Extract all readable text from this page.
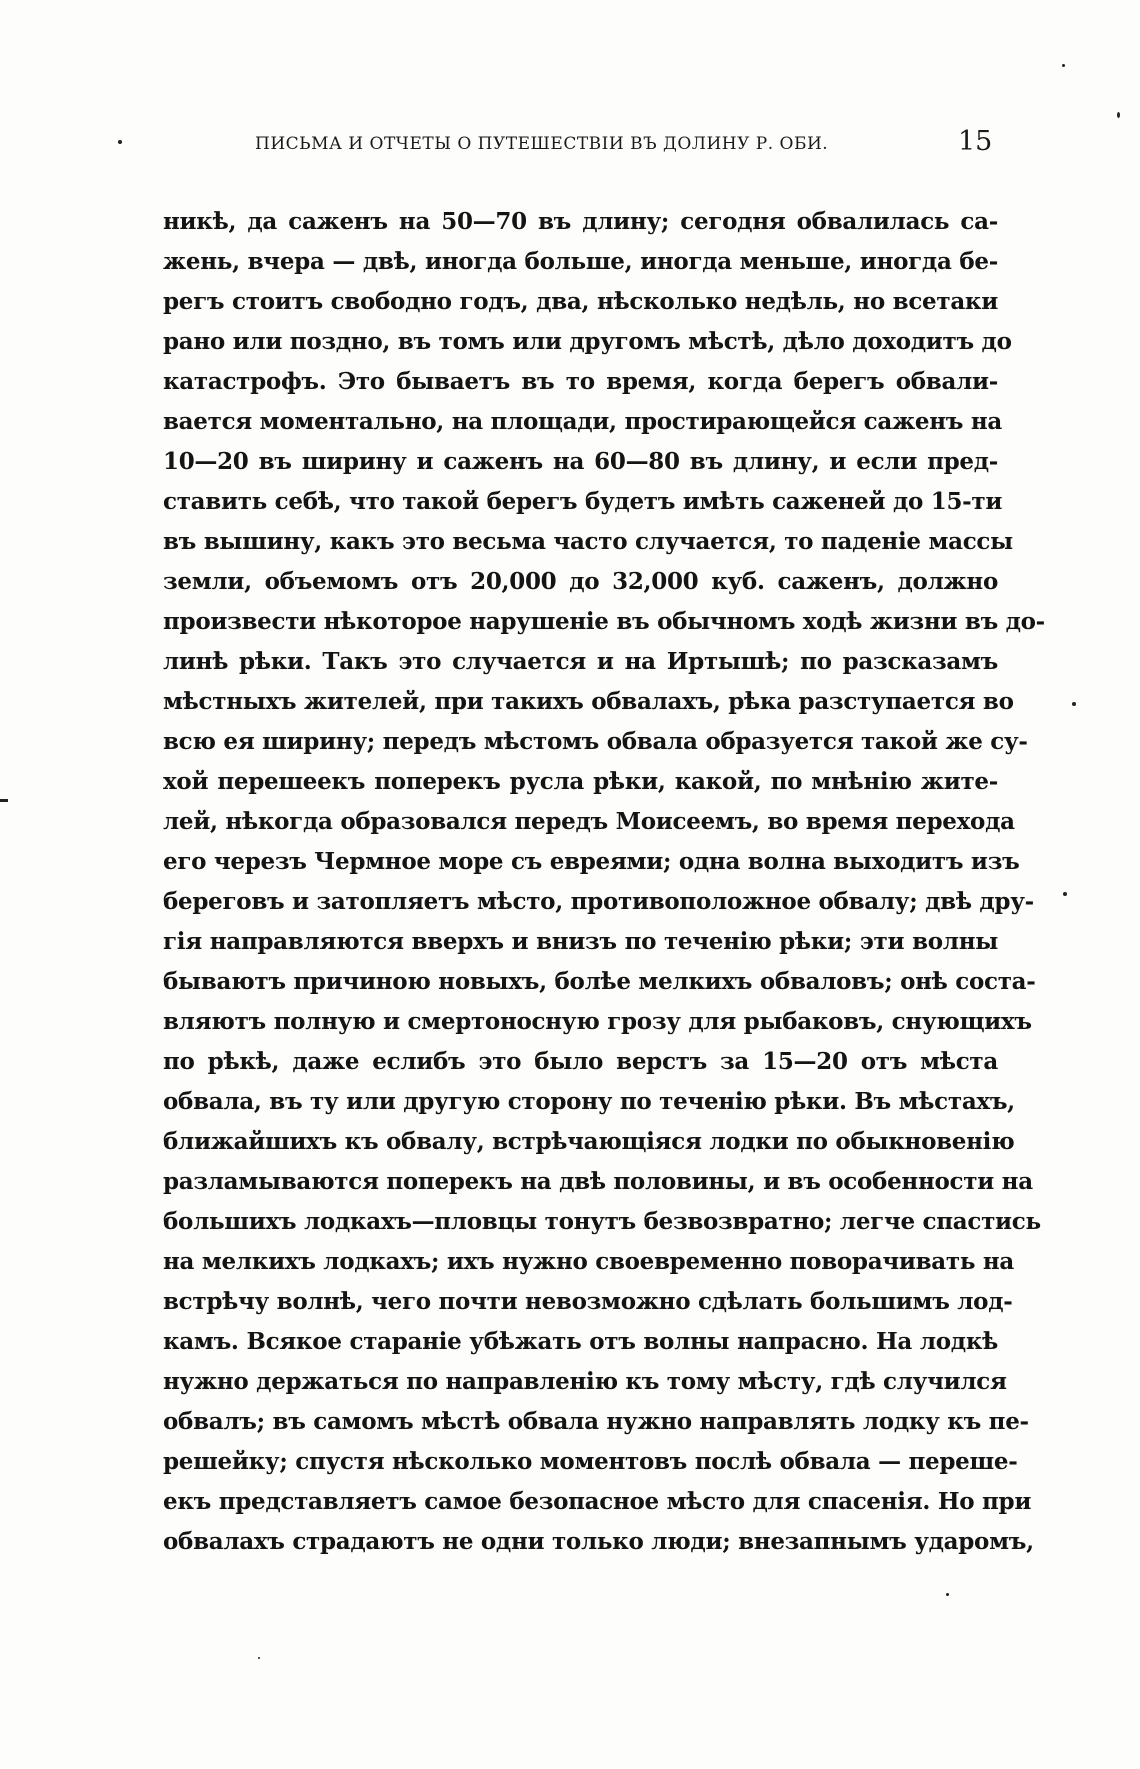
ПИСЬМА И ОТЧЕТЫ О ПУТЕШЕСТВІИ ВЪ ДОЛИНУ Р. ОБИ.	15
никѣ, да саженъ на 50—70 въ длину; сегодня обвалилась са-
жень, вчера — двѣ, иногда больше, иногда меньше, иногда бе-
регъ стоитъ свободно годъ, два, нѣсколько недѣль, но всетаки
рано или поздно, въ томъ или другомъ мѣстѣ, дѣло доходитъ до
катастрофъ. Это бываетъ въ то время, когда берегъ обвали-
вается моментально, на площади, простирающейся саженъ на
10—20 въ ширину и саженъ на 60—80 въ длину, и если пред-
ставить себѣ, что такой берегъ будетъ имѣть саженей до 15-ти
въ вышину, какъ это весьма часто случается, то паденіе массы
земли, объемомъ отъ 20,000 до 32,000 куб. саженъ, должно
произвести нѣкоторое нарушеніе въ обычномъ ходѣ жизни въ до-
линѣ рѣки. Такъ это случается и на Иртышѣ; по разсказамъ
мѣстныхъ жителей, при такихъ обвалахъ, рѣка разступается во
всю ея ширину; передъ мѣстомъ обвала образуется такой же су-
хой перешеекъ поперекъ русла рѣки, какой, по мнѣнію жите-
лей, нѣкогда образовался передъ Моисеемъ, во время перехода
его черезъ Чермное море съ евреями; одна волна выходитъ изъ
береговъ и затопляетъ мѣсто, противоположное обвалу; двѣ дру-
гія направляются вверхъ и внизъ по теченію рѣки; эти волны
бываютъ причиною новыхъ, болѣе мелкихъ обваловъ; онѣ соста-
вляютъ полную и смертоносную грозу для рыбаковъ, снующихъ
по рѣкѣ, даже еслибъ это было верстъ за 15—20 отъ мѣста
обвала, въ ту или другую сторону по теченію рѣки. Въ мѣстахъ,
ближайшихъ къ обвалу, встрѣчающіяся лодки по обыкновенію
разламываются поперекъ на двѣ половины, и въ особенности на
большихъ лодкахъ—пловцы тонутъ безвозвратно; легче спастись
на мелкихъ лодкахъ; ихъ нужно своевременно поворачивать на
встрѣчу волнѣ, чего почти невозможно сдѣлать большимъ лод-
камъ. Всякое стараніе убѣжать отъ волны напрасно. На лодкѣ
нужно держаться по направленію къ тому мѣсту, гдѣ случился
обвалъ; въ самомъ мѣстѣ обвала нужно направлять лодку къ пе-
решейку; спустя нѣсколько моментовъ послѣ обвала — переше-
екъ представляетъ самое безопасное мѣсто для спасенія. Но при
обвалахъ страдаютъ не одни только люди; внезапнымъ ударомъ,
